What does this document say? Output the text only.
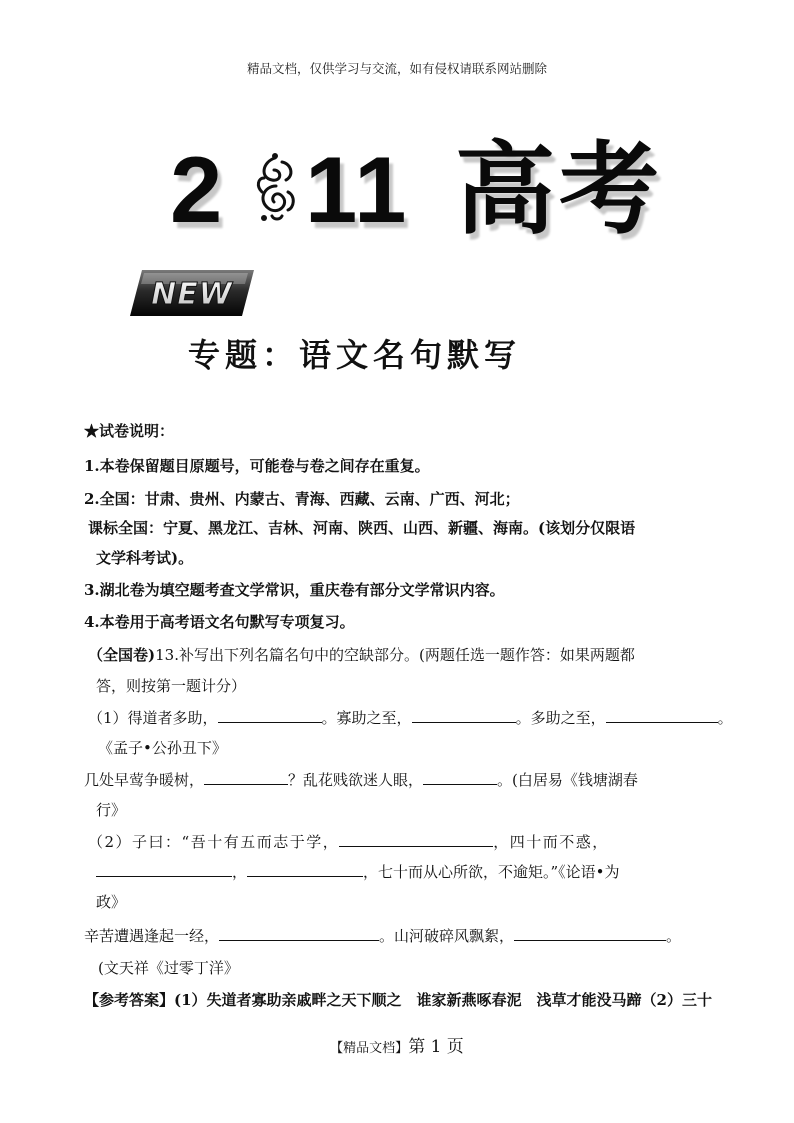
精品文档，仅供学习与交流，如有侵权请联系网站删除
2 11 高考
NEW
专题：语文名句默写
★试卷说明：
1.本卷保留题目原题号，可能卷与卷之间存在重复。
2.全国：甘肃、贵州、内蒙古、青海、西藏、云南、广西、河北；
课标全国：宁夏、黑龙江、吉林、河南、陕西、山西、新疆、海南。(该划分仅限语
文学科考试)。
3.湖北卷为填空题考查文学常识，重庆卷有部分文学常识内容。
4.本卷用于高考语文名句默写专项复习。
（全国卷)13.补写出下列名篇名句中的空缺部分。(两题任选一题作答：如果两题都
答，则按第一题计分）
（1）得道者多助，	。寡助之至，	。多助之至，	。
《孟子•公孙丑下》
几处早莺争暖树，	？乱花贱欲迷人眼，	。(白居易《钱塘湖春
行》
（2）子曰：“吾十有五而志于学，	，四十而不惑，
，	，七十而从心所欲，不逾矩。”《论语•为
政》
辛苦遭遇逢起一经，	。山河破碎风飘絮，	。
(文天祥《过零丁洋》
【参考答案】(1）失道者寡助亲戚畔之天下顺之　谁家新燕啄春泥　浅草才能没马蹄（2）三十
【精品文档】第 1 页
